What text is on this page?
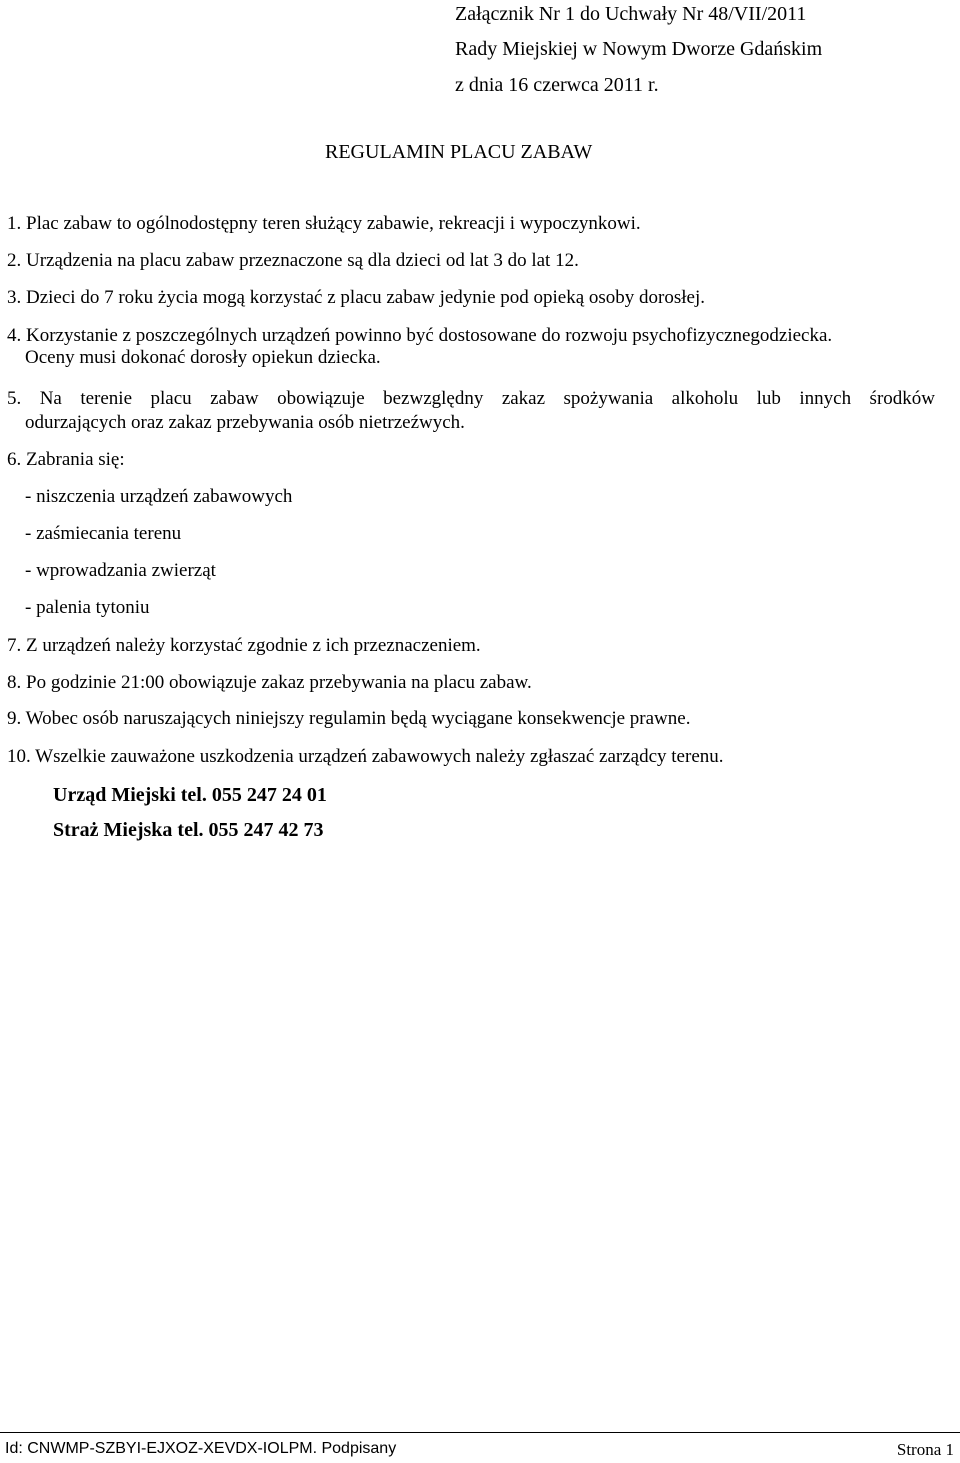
Załącznik Nr 1 do Uchwały Nr 48/VII/2011
Rady Miejskiej w Nowym Dworze Gdańskim
z dnia 16 czerwca 2011 r.
REGULAMIN PLACU ZABAW
1. Plac zabaw to ogólnodostępny teren służący zabawie, rekreacji i wypoczynkowi.
2. Urządzenia na placu zabaw przeznaczone są dla dzieci od lat 3 do lat 12.
3. Dzieci do 7 roku życia mogą korzystać z placu zabaw jedynie pod opieką osoby dorosłej.
4. Korzystanie z poszczególnych urządzeń powinno być dostosowane do rozwoju psychofizycznegodziecka.
Oceny musi dokonać dorosły opiekun dziecka.
5. Na terenie placu zabaw obowiązuje bezwzględny zakaz spożywania alkoholu lub innych środków
odurzających oraz zakaz przebywania osób nietrzeźwych.
6. Zabrania się:
- niszczenia urządzeń zabawowych
- zaśmiecania terenu
- wprowadzania zwierząt
- palenia tytoniu
7. Z urządzeń należy korzystać zgodnie z ich przeznaczeniem.
8. Po godzinie 21:00 obowiązuje zakaz przebywania na placu zabaw.
9. Wobec osób naruszających niniejszy regulamin będą wyciągane konsekwencje prawne.
10. Wszelkie zauważone uszkodzenia urządzeń zabawowych należy zgłaszać zarządcy terenu.
Urząd Miejski tel. 055 247 24 01
Straż Miejska tel. 055 247 42 73
Id: CNWMP-SZBYI-EJXOZ-XEVDX-IOLPM. Podpisany	Strona 1
